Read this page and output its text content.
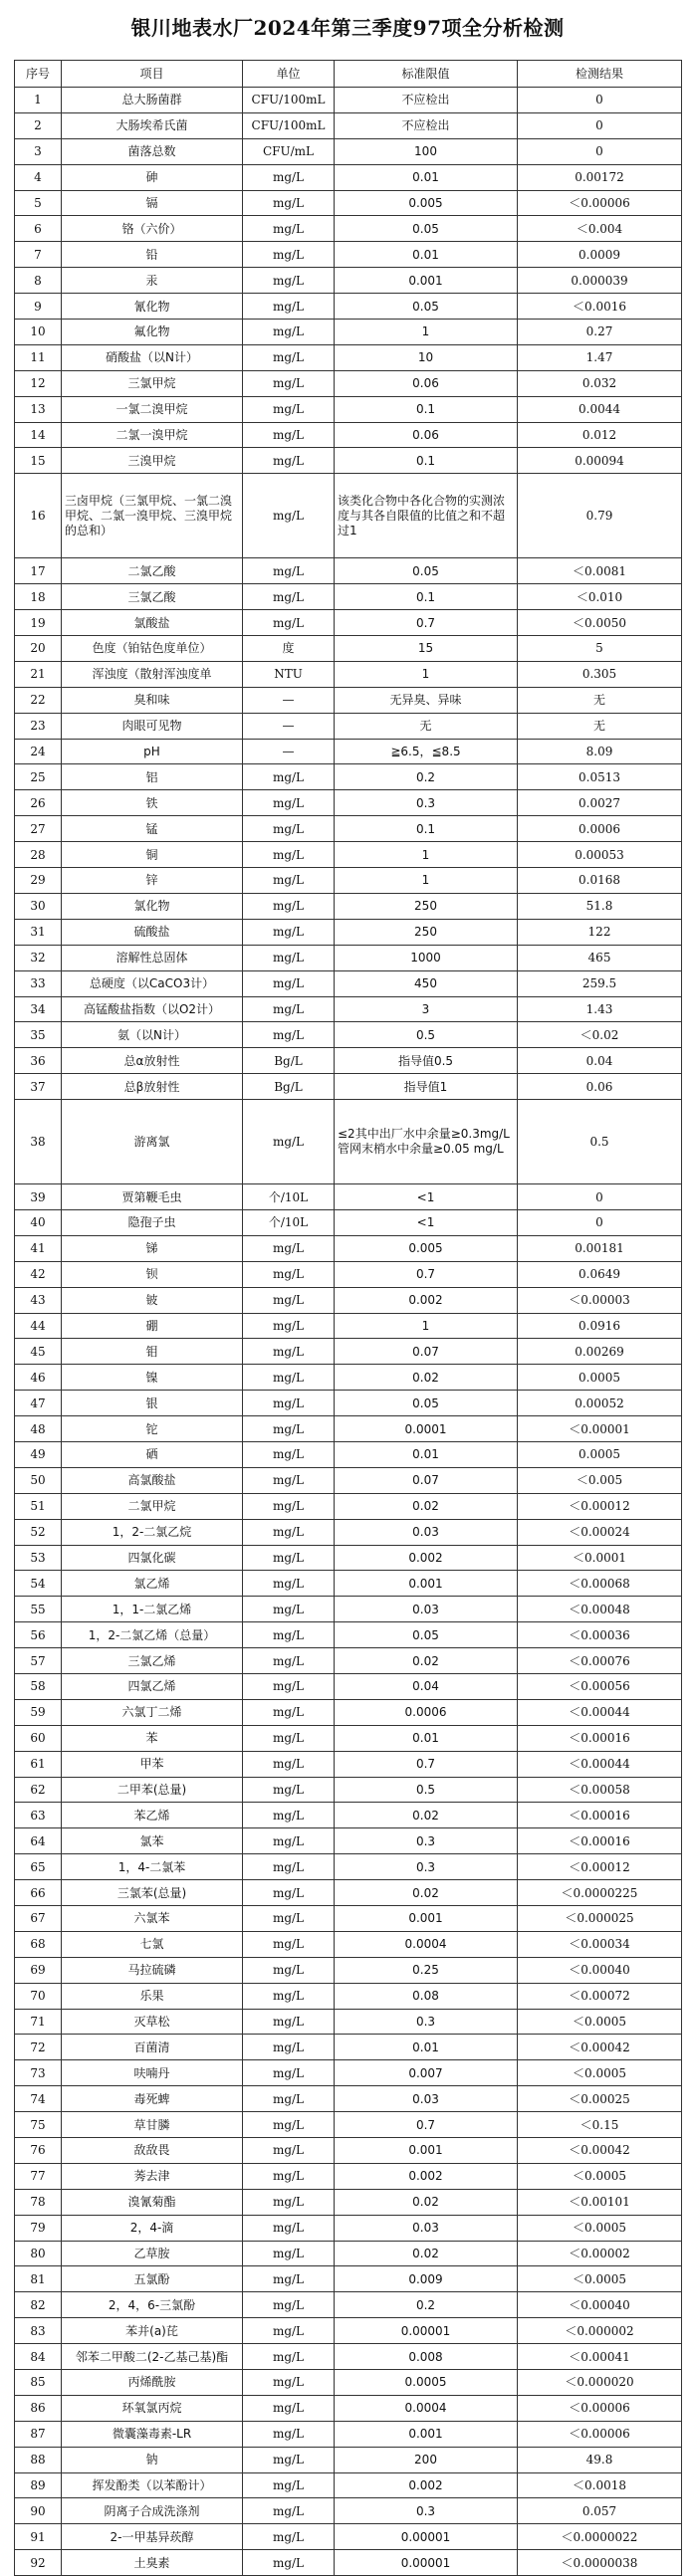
银川地表水厂2024年第三季度97项全分析检测
序号	项目	单位	标准限值	检测结果
1	总大肠菌群	CFU/100mL	不应检出	0
2	大肠埃希氏菌	CFU/100mL	不应检出	0
3	菌落总数	CFU/mL	100	0
4	砷	mg/L	0.01	0.00172
5	镉	mg/L	0.005	＜0.00006
6	铬（六价）	mg/L	0.05	＜0.004
7	铅	mg/L	0.01	0.0009
8	汞	mg/L	0.001	0.000039
9	氰化物	mg/L	0.05	＜0.0016
10	氟化物	mg/L	1	0.27
11	硝酸盐（以N计）	mg/L	10	1.47
12	三氯甲烷	mg/L	0.06	0.032
13	一氯二溴甲烷	mg/L	0.1	0.0044
14	二氯一溴甲烷	mg/L	0.06	0.012
15	三溴甲烷	mg/L	0.1	0.00094
16	三卤甲烷（三氯甲烷、一氯二溴甲烷、二氯一溴甲烷、三溴甲烷的总和）	mg/L	该类化合物中各化合物的实测浓度与其各自限值的比值之和不超过1	0.79
17	二氯乙酸	mg/L	0.05	＜0.0081
18	三氯乙酸	mg/L	0.1	＜0.010
19	氯酸盐	mg/L	0.7	＜0.0050
20	色度（铂钴色度单位）	度	15	5
21	浑浊度（散射浑浊度单	NTU	1	0.305
22	臭和味	—	无异臭、异味	无
23	肉眼可见物	—	无	无
24	pH	—	≧6.5，≦8.5	8.09
25	铝	mg/L	0.2	0.0513
26	铁	mg/L	0.3	0.0027
27	锰	mg/L	0.1	0.0006
28	铜	mg/L	1	0.00053
29	锌	mg/L	1	0.0168
30	氯化物	mg/L	250	51.8
31	硫酸盐	mg/L	250	122
32	溶解性总固体	mg/L	1000	465
33	总硬度（以CaCO3计）	mg/L	450	259.5
34	高锰酸盐指数（以O2计）	mg/L	3	1.43
35	氨（以N计）	mg/L	0.5	＜0.02
36	总α放射性	Bg/L	指导值0.5	0.04
37	总β放射性	Bg/L	指导值1	0.06
38	游离氯	mg/L	≤2其中出厂水中余量≥0.3mg/L管网末梢水中余量≥0.05 mg/L	0.5
39	贾第鞭毛虫	个/10L	<1	0
40	隐孢子虫	个/10L	<1	0
41	锑	mg/L	0.005	0.00181
42	钡	mg/L	0.7	0.0649
43	铍	mg/L	0.002	＜0.00003
44	硼	mg/L	1	0.0916
45	钼	mg/L	0.07	0.00269
46	镍	mg/L	0.02	0.0005
47	银	mg/L	0.05	0.00052
48	铊	mg/L	0.0001	＜0.00001
49	硒	mg/L	0.01	0.0005
50	高氯酸盐	mg/L	0.07	＜0.005
51	二氯甲烷	mg/L	0.02	＜0.00012
52	1，2-二氯乙烷	mg/L	0.03	＜0.00024
53	四氯化碳	mg/L	0.002	＜0.0001
54	氯乙烯	mg/L	0.001	＜0.00068
55	1，1-二氯乙烯	mg/L	0.03	＜0.00048
56	1，2-二氯乙烯（总量）	mg/L	0.05	＜0.00036
57	三氯乙烯	mg/L	0.02	＜0.00076
58	四氯乙烯	mg/L	0.04	＜0.00056
59	六氯丁二烯	mg/L	0.0006	＜0.00044
60	苯	mg/L	0.01	＜0.00016
61	甲苯	mg/L	0.7	＜0.00044
62	二甲苯(总量)	mg/L	0.5	＜0.00058
63	苯乙烯	mg/L	0.02	＜0.00016
64	氯苯	mg/L	0.3	＜0.00016
65	1，4-二氯苯	mg/L	0.3	＜0.00012
66	三氯苯(总量)	mg/L	0.02	＜0.0000225
67	六氯苯	mg/L	0.001	＜0.000025
68	七氯	mg/L	0.0004	＜0.00034
69	马拉硫磷	mg/L	0.25	＜0.00040
70	乐果	mg/L	0.08	＜0.00072
71	灭草松	mg/L	0.3	＜0.0005
72	百菌清	mg/L	0.01	＜0.00042
73	呋喃丹	mg/L	0.007	＜0.0005
74	毒死蜱	mg/L	0.03	＜0.00025
75	草甘膦	mg/L	0.7	＜0.15
76	敌敌畏	mg/L	0.001	＜0.00042
77	莠去津	mg/L	0.002	＜0.0005
78	溴氰菊酯	mg/L	0.02	＜0.00101
79	2，4-滴	mg/L	0.03	＜0.0005
80	乙草胺	mg/L	0.02	＜0.00002
81	五氯酚	mg/L	0.009	＜0.0005
82	2，4，6-三氯酚	mg/L	0.2	＜0.00040
83	苯并(a)芘	mg/L	0.00001	＜0.000002
84	邻苯二甲酸二(2-乙基己基)酯	mg/L	0.008	＜0.00041
85	丙烯酰胺	mg/L	0.0005	＜0.000020
86	环氧氯丙烷	mg/L	0.0004	＜0.00006
87	微囊藻毒素-LR	mg/L	0.001	＜0.00006
88	钠	mg/L	200	49.8
89	挥发酚类（以苯酚计）	mg/L	0.002	＜0.0018
90	阴离子合成洗涤剂	mg/L	0.3	0.057
91	2-一甲基异莰醇	mg/L	0.00001	＜0.0000022
92	土臭素	mg/L	0.00001	＜0.0000038
